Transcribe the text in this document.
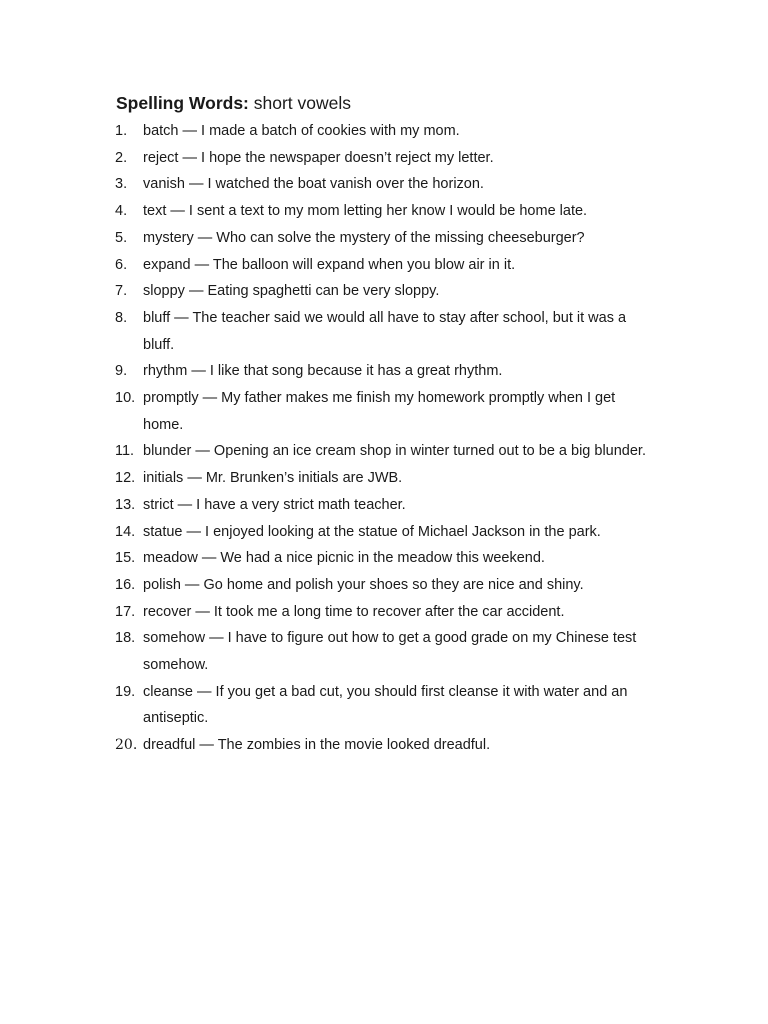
Spelling Words: short vowels
1.	batch — I made a batch of cookies with my mom.
2.	reject — I hope the newspaper doesn’t reject my letter.
3.	vanish — I watched the boat vanish over the horizon.
4.	text — I sent a text to my mom letting her know I would be home late.
5.	mystery — Who can solve the mystery of the missing cheeseburger?
6.	expand — The balloon will expand when you blow air in it.
7.	sloppy — Eating spaghetti can be very sloppy.
8.	bluff — The teacher said we would all have to stay after school, but it was a bluff.
9.	rhythm — I like that song because it has a great rhythm.
10. promptly — My father makes me finish my homework promptly when I get home.
11. blunder — Opening an ice cream shop in winter turned out to be a big blunder.
12. initials — Mr. Brunken’s initials are JWB.
13. strict — I have a very strict math teacher.
14. statue — I enjoyed looking at the statue of Michael Jackson in the park.
15. meadow — We had a nice picnic in the meadow this weekend.
16. polish — Go home and polish your shoes so they are nice and shiny.
17. recover — It took me a long time to recover after the car accident.
18. somehow — I have to figure out how to get a good grade on my Chinese test somehow.
19. cleanse — If you get a bad cut, you should first cleanse it with water and an antiseptic.
20. dreadful — The zombies in the movie looked dreadful.
